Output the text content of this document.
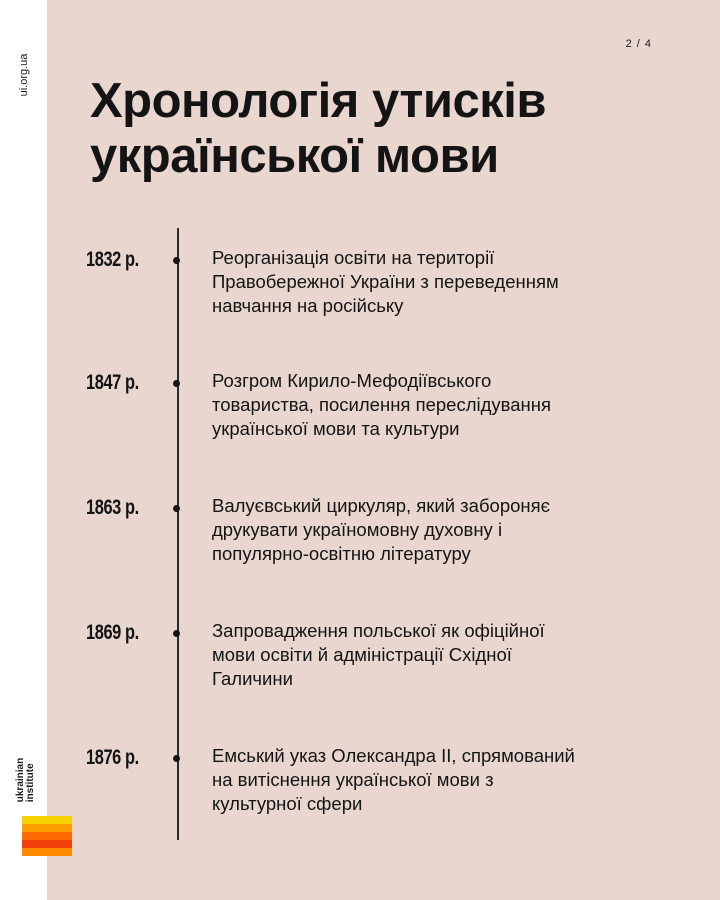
ui.org.ua
ukrainian institute
2 / 4
Хронологія утисків
української мови
1832 р.	Реорганізація освіти на території
Правобережної України з переведенням
навчання на російську
1847 р.	Розгром Кирило-Мефодіївського
товариства, посилення переслідування
української мови та культури
1863 р.	Валуєвський циркуляр, який забороняє
друкувати україномовну духовну і
популярно-освітню літературу
1869 р.	Запровадження польської як офіційної
мови освіти й адміністрації Східної
Галичини
1876 р.	Емський указ Олександра ІІ, спрямований
на витіснення української мови з
культурної сфери
